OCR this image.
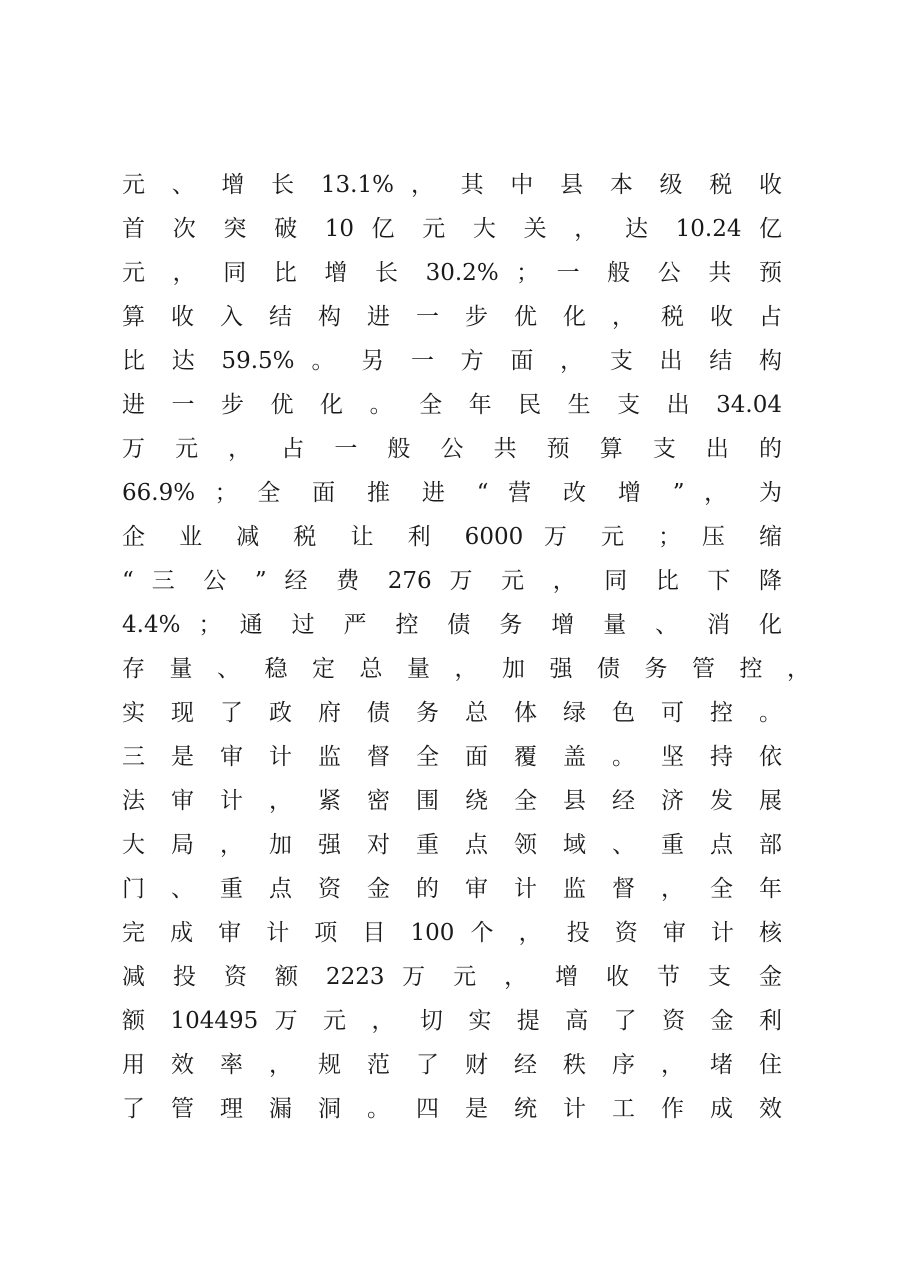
元 、 增 长 13.1% ， 其 中 县 本 级 税 收
首 次 突 破 10 亿 元 大 关 ， 达 10.24 亿
元 ， 同 比 增 长 30.2% ； 一 般 公 共 预
算 收 入 结 构 进 一 步 优 化 ， 税 收 占
比 达 59.5% 。 另 一 方 面 ， 支 出 结 构
进 一 步 优 化 。 全 年 民 生 支 出 34.04
万 元 ， 占 一 般 公 共 预 算 支 出 的
66.9% ； 全 面 推 进 “ 营 改 增 ” ， 为
企 业 减 税 让 利 6000 万 元 ； 压 缩
“ 三 公 ” 经 费 276 万 元 ， 同 比 下 降
4.4% ； 通 过 严 控 债 务 增 量 、 消 化
存 量 、 稳 定 总 量 ， 加 强 债 务 管 控 ，
实 现 了 政 府 债 务 总 体 绿 色 可 控 。
三 是 审 计 监 督 全 面 覆 盖 。 坚 持 依
法 审 计 ， 紧 密 围 绕 全 县 经 济 发 展
大 局 ， 加 强 对 重 点 领 域 、 重 点 部
门 、 重 点 资 金 的 审 计 监 督 ， 全 年
完 成 审 计 项 目 100 个 ， 投 资 审 计 核
减 投 资 额 2223 万 元 ， 增 收 节 支 金
额 104495 万 元 ， 切 实 提 高 了 资 金 利
用 效 率 ， 规 范 了 财 经 秩 序 ， 堵 住
了 管 理 漏 洞 。 四 是 统 计 工 作 成 效
